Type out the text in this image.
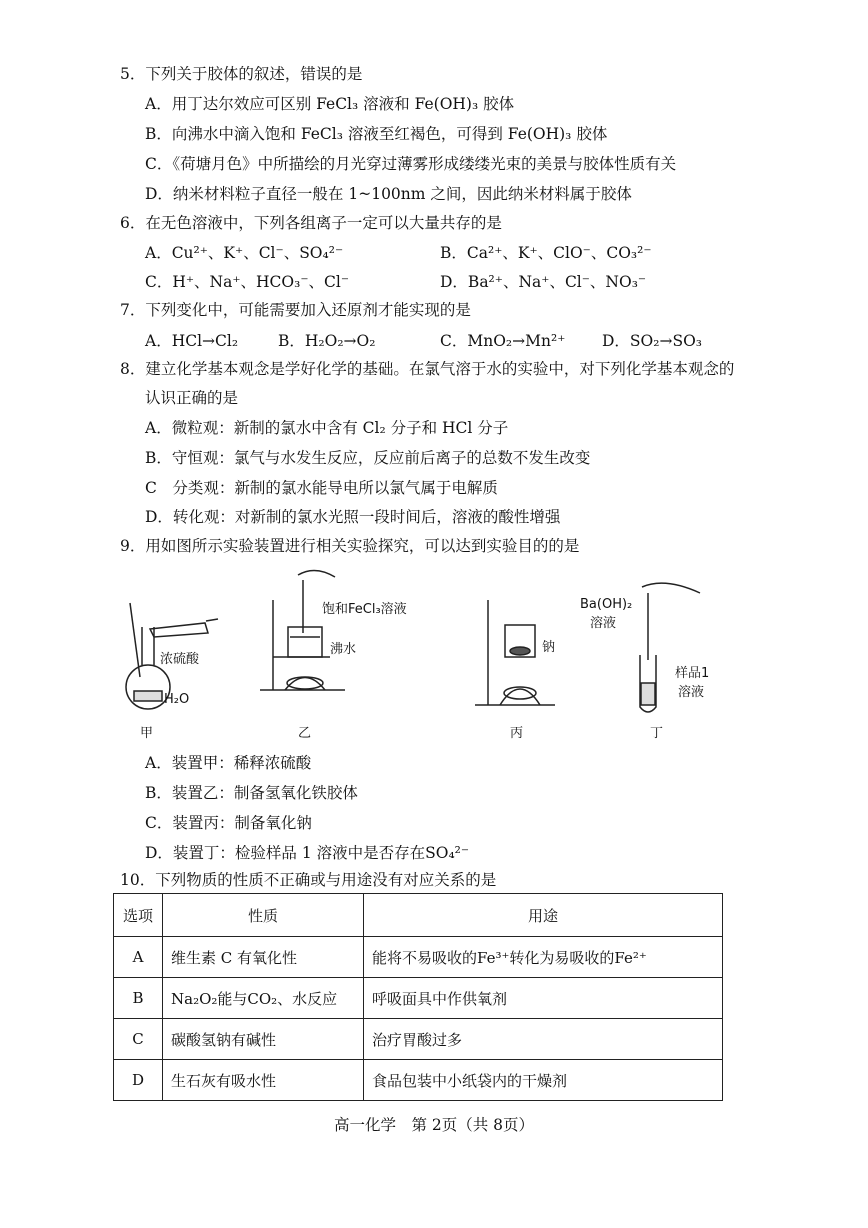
5．下列关于胶体的叙述，错误的是
A．用丁达尔效应可区别 FeCl₃ 溶液和 Fe(OH)₃ 胶体
B．向沸水中滴入饱和 FeCl₃ 溶液至红褐色，可得到 Fe(OH)₃ 胶体
C．《荷塘月色》中所描绘的月光穿过薄雾形成缕缕光束的美景与胶体性质有关
D．纳米材料粒子直径一般在 1~100nm 之间，因此纳米材料属于胶体
6．在无色溶液中，下列各组离子一定可以大量共存的是
A．Cu²⁺、K⁺、Cl⁻、SO₄²⁻	B．Ca²⁺、K⁺、ClO⁻、CO₃²⁻
C．H⁺、Na⁺、HCO₃⁻、Cl⁻	D．Ba²⁺、Na⁺、Cl⁻、NO₃⁻
7．下列变化中，可能需要加入还原剂才能实现的是
A．HCl→Cl₂	B．H₂O₂→O₂	C．MnO₂→Mn²⁺ D．SO₂→SO₃
8．建立化学基本观念是学好化学的基础。在氯气溶于水的实验中，对下列化学基本观念的
认识正确的是
A．微粒观：新制的氯水中含有 Cl₂ 分子和 HCl 分子
B．守恒观：氯气与水发生反应，反应前后离子的总数不发生改变
C　分类观：新制的氯水能导电所以氯气属于电解质
D．转化观：对新制的氯水光照一段时间后，溶液的酸性增强
9．用如图所示实验装置进行相关实验探究，可以达到实验目的的是
浓硫酸
H₂O
甲
饱和FeCl₃溶液
沸水
乙
钠
丙
Ba(OH)₂
溶液
样品1
溶液
丁
A．装置甲：稀释浓硫酸
B．装置乙：制备氢氧化铁胶体
C．装置丙：制备氧化钠
D．装置丁：检验样品 1 溶液中是否存在SO₄²⁻
10．下列物质的性质不正确或与用途没有对应关系的是
选项	性质	用途
A	维生素 C 有氧化性	能将不易吸收的Fe³⁺转化为易吸收的Fe²⁺
B	Na₂O₂能与CO₂、水反应	呼吸面具中作供氧剂
C	碳酸氢钠有碱性	治疗胃酸过多
D	生石灰有吸水性	食品包装中小纸袋内的干燥剂
高一化学　第 2页（共 8页）
